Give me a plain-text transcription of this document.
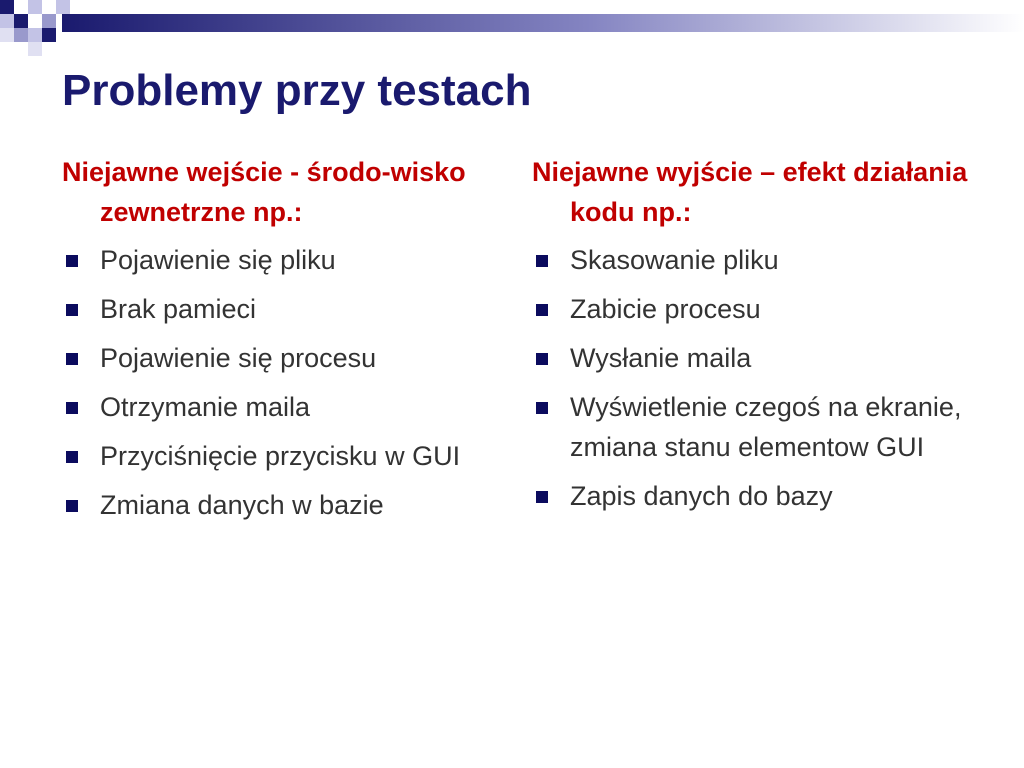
Problemy przy testach
Niejawne wejście - środo-wisko zewnetrzne np.:
Pojawienie się pliku
Brak pamieci
Pojawienie się procesu
Otrzymanie maila
Przyciśnięcie przycisku w GUI
Zmiana danych w bazie
Niejawne wyjście – efekt działania kodu np.:
Skasowanie pliku
Zabicie procesu
Wysłanie maila
Wyświetlenie czegoś na ekranie, zmiana stanu elementow GUI
Zapis danych do bazy
